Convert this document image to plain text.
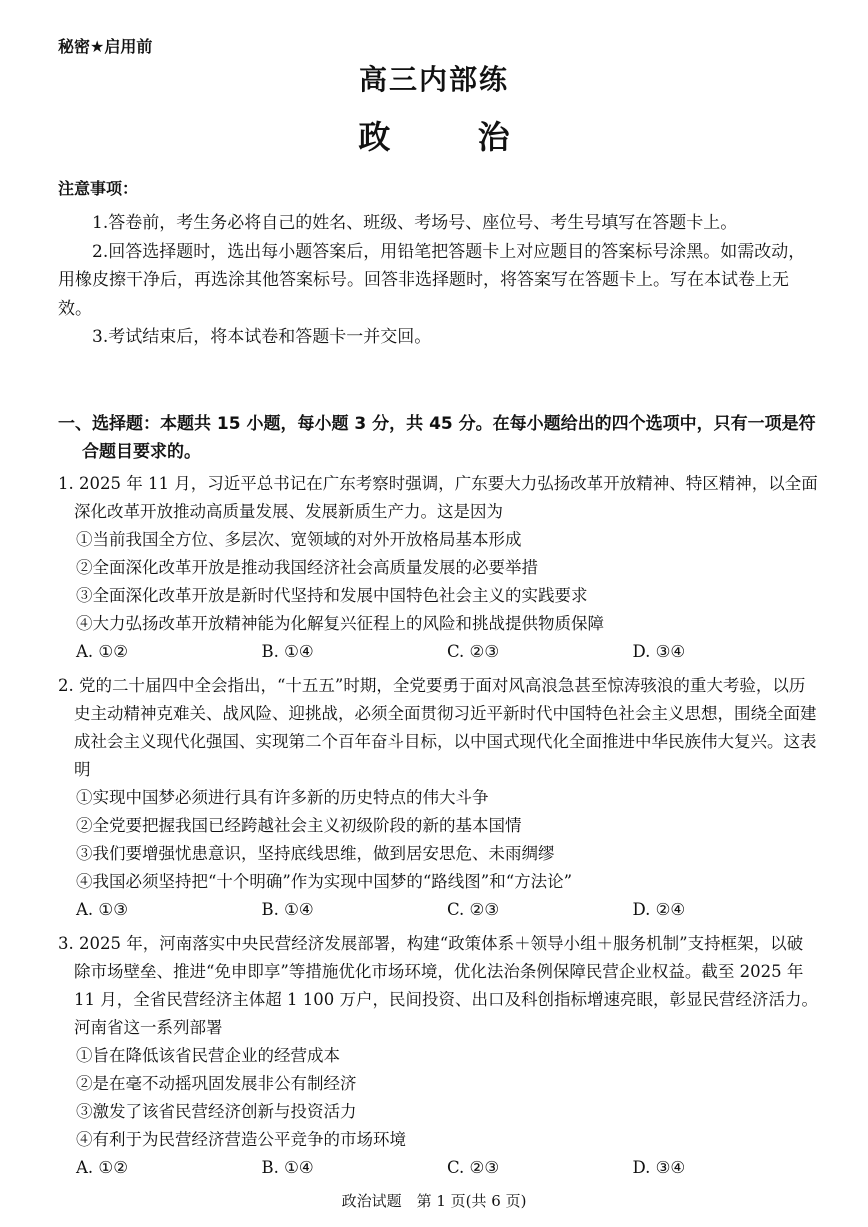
秘密★启用前
高三内部练
政 治
注意事项：

1.答卷前，考生务必将自己的姓名、班级、考场号、座位号、考生号填写在答题卡上。

2.回答选择题时，选出每小题答案后，用铅笔把答题卡上对应题目的答案标号涂黑。如需改动，用橡皮擦干净后，再选涂其他答案标号。回答非选择题时，将答案写在答题卡上。写在本试卷上无效。

3.考试结束后，将本试卷和答题卡一并交回。

一、选择题：本题共 15 小题，每小题 3 分，共 45 分。在每小题给出的四个选项中，只有一项是符合题目要求的。

1. 2025 年 11 月，习近平总书记在广东考察时强调，广东要大力弘扬改革开放精神、特区精神，以全面深化改革开放推动高质量发展、发展新质生产力。这是因为

①当前我国全方位、多层次、宽领域的对外开放格局基本形成

②全面深化改革开放是推动我国经济社会高质量发展的必要举措

③全面深化改革开放是新时代坚持和发展中国特色社会主义的实践要求

④大力弘扬改革开放精神能为化解复兴征程上的风险和挑战提供物质保障

A. ①②	B. ①④	C. ②③	D. ③④

2. 党的二十届四中全会指出，“十五五”时期，全党要勇于面对风高浪急甚至惊涛骇浪的重大考验，以历史主动精神克难关、战风险、迎挑战，必须全面贯彻习近平新时代中国特色社会主义思想，围绕全面建成社会主义现代化强国、实现第二个百年奋斗目标，以中国式现代化全面推进中华民族伟大复兴。这表明

①实现中国梦必须进行具有许多新的历史特点的伟大斗争

②全党要把握我国已经跨越社会主义初级阶段的新的基本国情

③我们要增强忧患意识，坚持底线思维，做到居安思危、未雨绸缪

④我国必须坚持把“十个明确”作为实现中国梦的“路线图”和“方法论”

A. ①③	B. ①④	C. ②③	D. ②④

3. 2025 年，河南落实中央民营经济发展部署，构建“政策体系＋领导小组＋服务机制”支持框架，以破除市场壁垒、推进“免申即享”等措施优化市场环境，优化法治条例保障民营企业权益。截至 2025 年 11 月，全省民营经济主体超 1 100 万户，民间投资、出口及科创指标增速亮眼，彰显民营经济活力。河南省这一系列部署

①旨在降低该省民营企业的经营成本

②是在毫不动摇巩固发展非公有制经济

③激发了该省民营经济创新与投资活力

④有利于为民营经济营造公平竞争的市场环境

A. ①②	B. ①④	C. ②③	D. ③④
政治试题　第 1 页(共 6 页)
